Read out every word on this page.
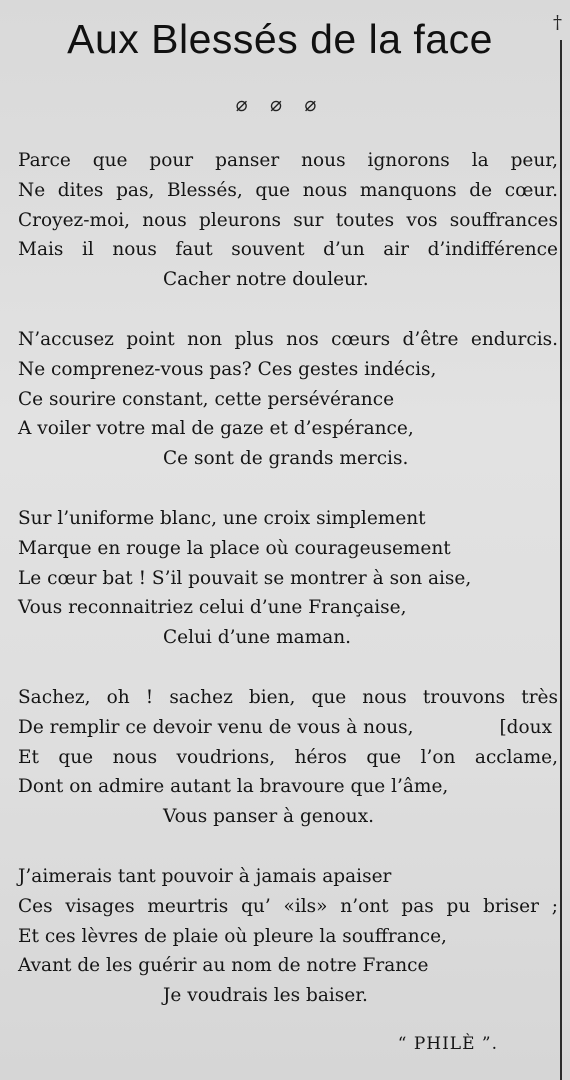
†
Aux Blessés de la face
⌀ ⌀ ⌀
Parce que pour panser nous ignorons la peur,
Ne dites pas, Blessés, que nous manquons de cœur.
Croyez-moi, nous pleurons sur toutes vos souffrances
Mais il nous faut souvent d’un air d’indifférence
Cacher notre douleur.
N’accusez point non plus nos cœurs d’être endurcis.
Ne comprenez-vous pas? Ces gestes indécis,
Ce sourire constant, cette persévérance
A voiler votre mal de gaze et d’espérance,
Ce sont de grands mercis.
Sur l’uniforme blanc, une croix simplement
Marque en rouge la place où courageusement
Le cœur bat ! S’il pouvait se montrer à son aise,
Vous reconnaitriez celui d’une Française,
Celui d’une maman.
Sachez, oh ! sachez bien, que nous trouvons très
De remplir ce devoir venu de vous à nous,	[doux
Et que nous voudrions, héros que l’on acclame,
Dont on admire autant la bravoure que l’âme,
Vous panser à genoux.
J’aimerais tant pouvoir à jamais apaiser
Ces visages meurtris qu’ «ils» n’ont pas pu briser ;
Et ces lèvres de plaie où pleure la souffrance,
Avant de les guérir au nom de notre France
Je voudrais les baiser.
“ PHILÈ ”.
